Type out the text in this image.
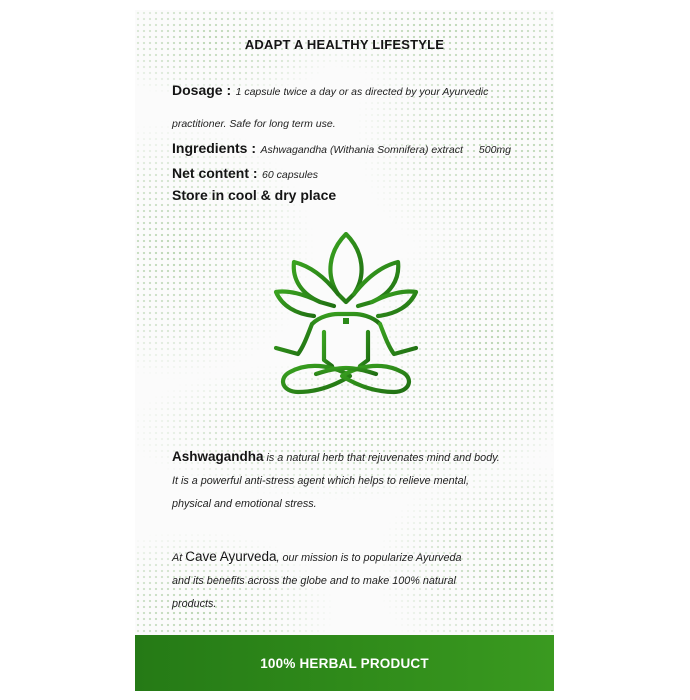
ADAPT A HEALTHY LIFESTYLE

Dosage : 1 capsule twice a day or as directed by your Ayurvedic

practitioner. Safe for long term use.

Ingredients : Ashwagandha (Withania Somnifera) extract 500mg

Net content : 60 capsules

Store in cool & dry place

Ashwagandha is a natural herb that rejuvenates mind and body.

It is a powerful anti-stress agent which helps to relieve mental,

physical and emotional stress.

At Cave Ayurveda, our mission is to popularize Ayurveda

and its benefits across the globe and to make 100% natural

products.

100% HERBAL PRODUCT
